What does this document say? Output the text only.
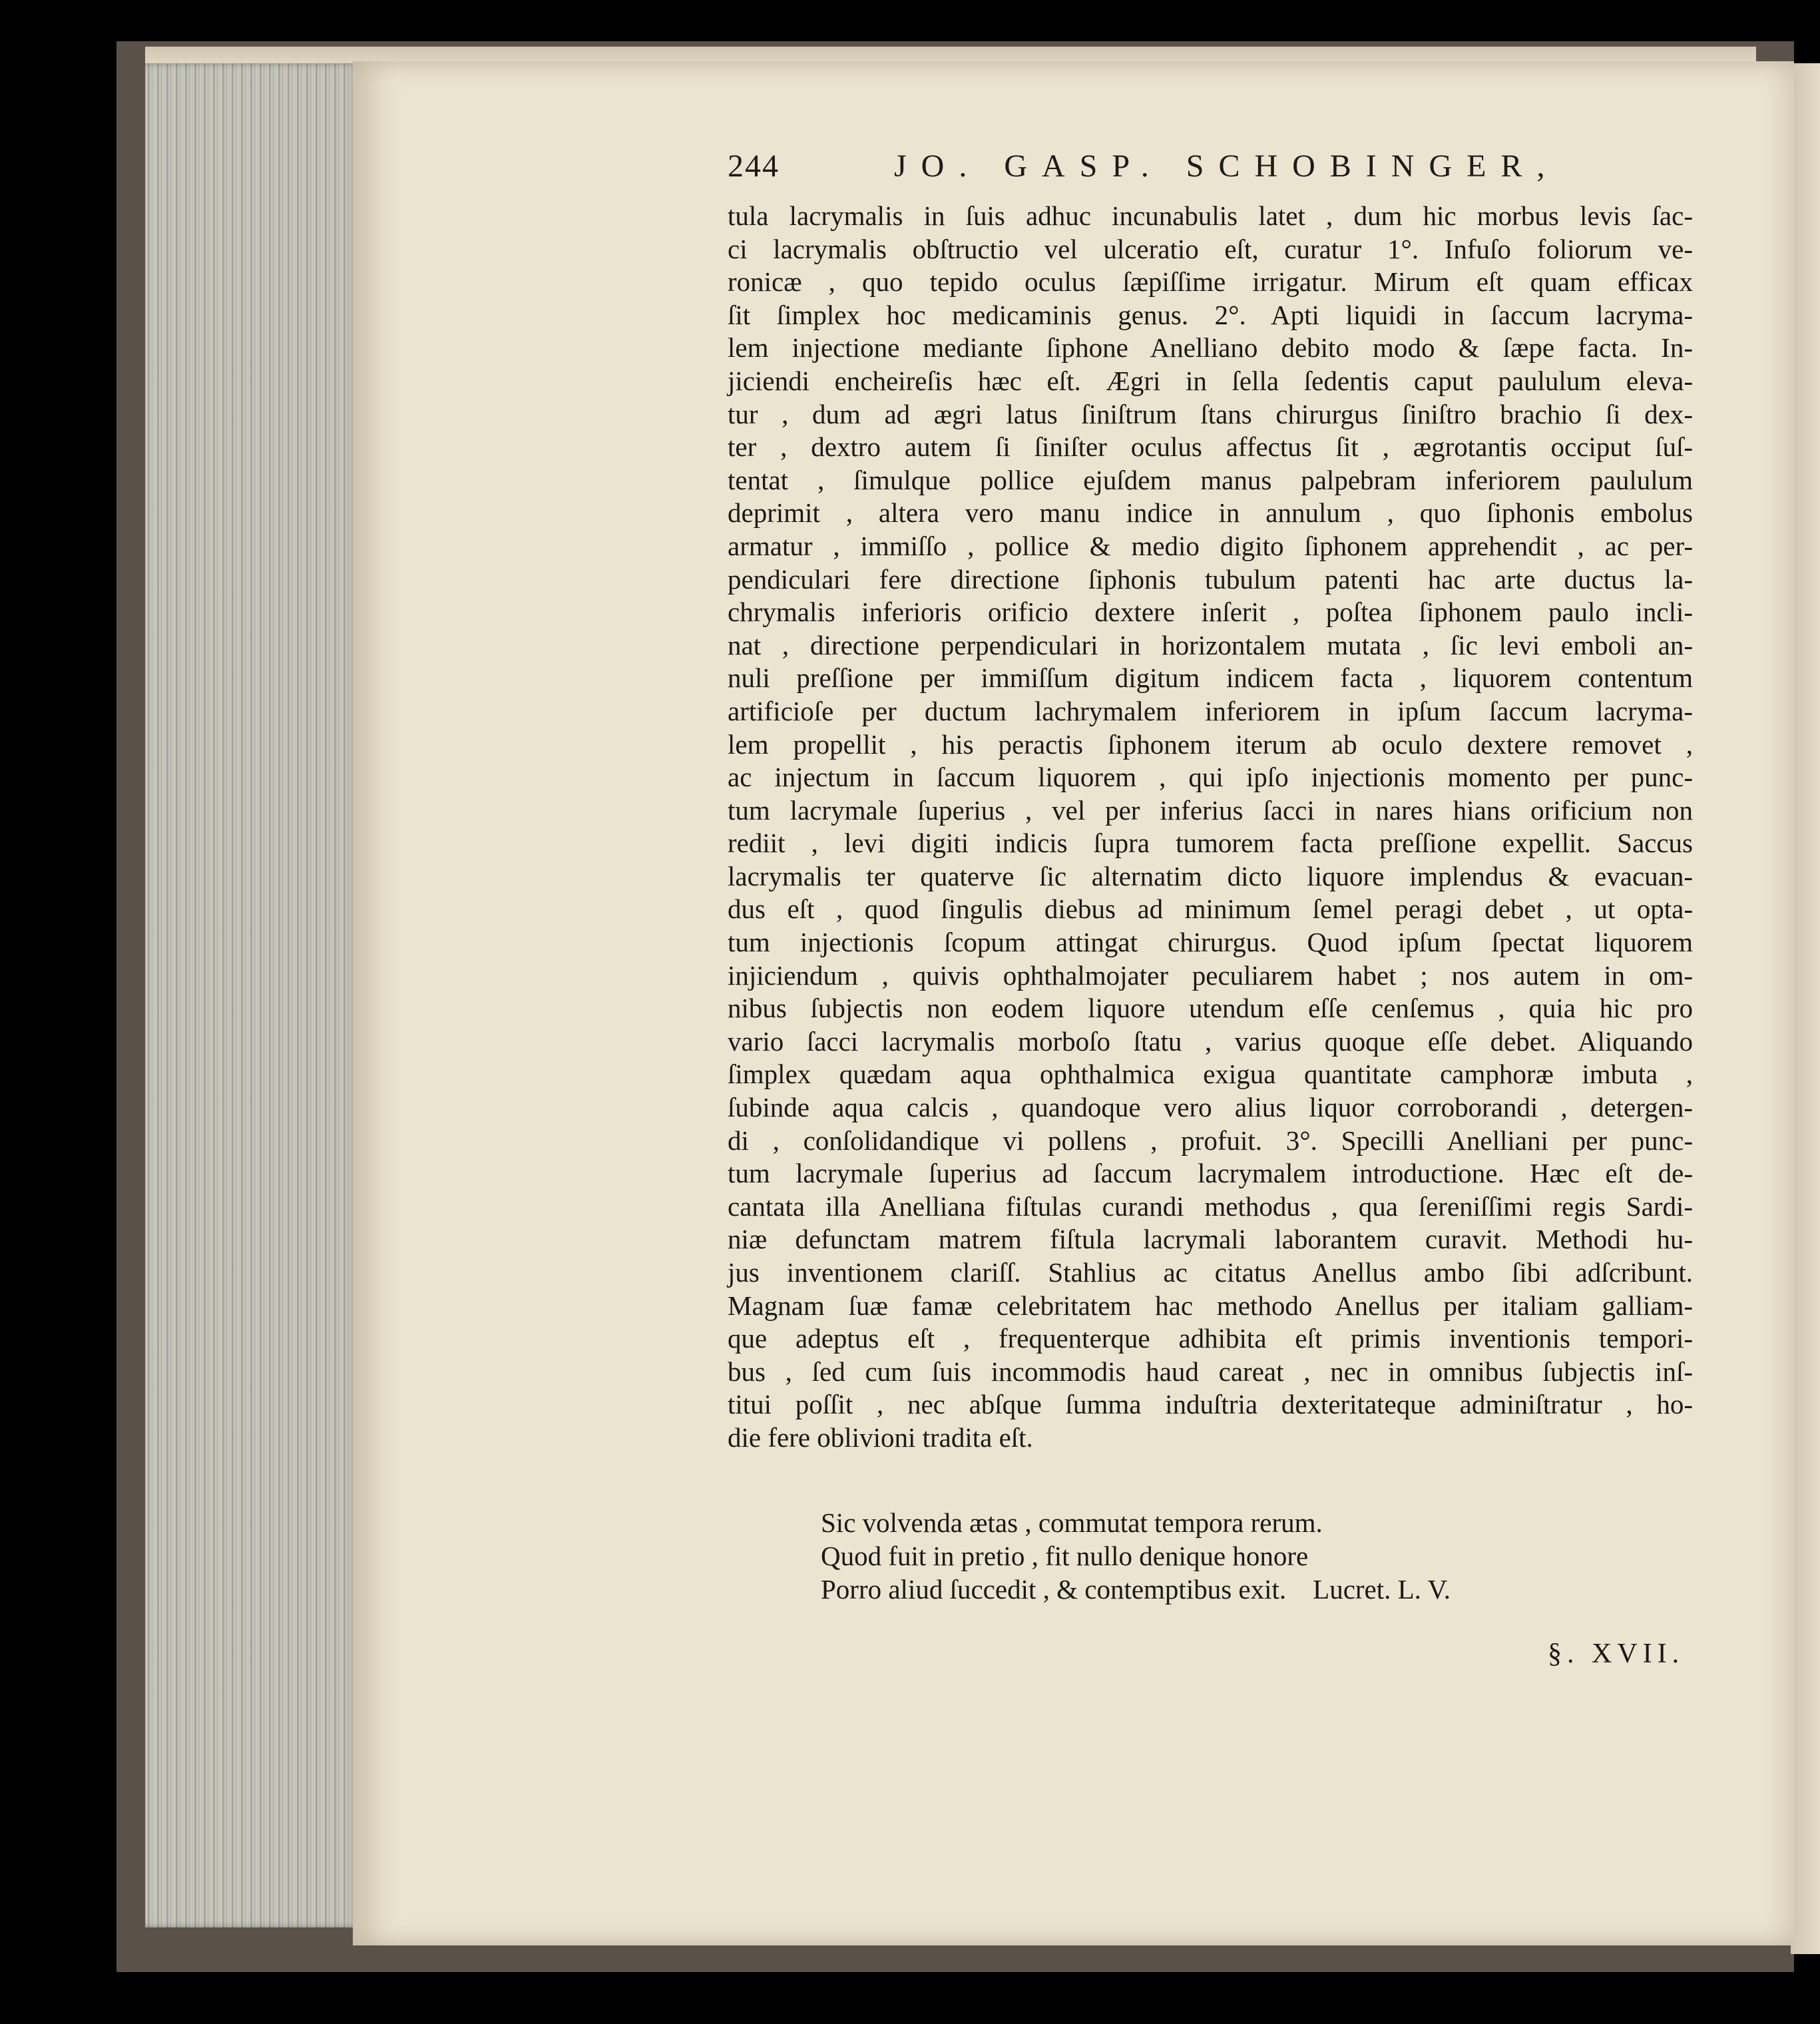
244	JO. GASP. SCHOBINGER,
tula lacrymalis in ſuis adhuc incunabulis latet , dum hic morbus levis ſac-
ci lacrymalis obſtructio vel ulceratio eſt, curatur 1°. Infuſo foliorum ve-
ronicæ , quo tepido oculus ſæpiſſime irrigatur. Mirum eſt quam efficax
ſit ſimplex hoc medicaminis genus. 2°. Apti liquidi in ſaccum lacryma-
lem injectione mediante ſiphone Anelliano debito modo & ſæpe facta. In-
jiciendi encheireſis hæc eſt. Ægri in ſella ſedentis caput paululum eleva-
tur , dum ad ægri latus ſiniſtrum ſtans chirurgus ſiniſtro brachio ſi dex-
ter , dextro autem ſi ſiniſter oculus affectus ſit , ægrotantis occiput ſuſ-
tentat , ſimulque pollice ejuſdem manus palpebram inferiorem paululum
deprimit , altera vero manu indice in annulum , quo ſiphonis embolus
armatur , immiſſo , pollice & medio digito ſiphonem apprehendit , ac per-
pendiculari fere directione ſiphonis tubulum patenti hac arte ductus la-
chrymalis inferioris orificio dextere inſerit , poſtea ſiphonem paulo incli-
nat , directione perpendiculari in horizontalem mutata , ſic levi emboli an-
nuli preſſione per immiſſum digitum indicem facta , liquorem contentum
artificioſe per ductum lachrymalem inferiorem in ipſum ſaccum lacryma-
lem propellit , his peractis ſiphonem iterum ab oculo dextere removet ,
ac injectum in ſaccum liquorem , qui ipſo injectionis momento per punc-
tum lacrymale ſuperius , vel per inferius ſacci in nares hians orificium non
rediit , levi digiti indicis ſupra tumorem facta preſſione expellit. Saccus
lacrymalis ter quaterve ſic alternatim dicto liquore implendus & evacuan-
dus eſt , quod ſingulis diebus ad minimum ſemel peragi debet , ut opta-
tum injectionis ſcopum attingat chirurgus. Quod ipſum ſpectat liquorem
injiciendum , quivis ophthalmojater peculiarem habet ; nos autem in om-
nibus ſubjectis non eodem liquore utendum eſſe cenſemus , quia hic pro
vario ſacci lacrymalis morboſo ſtatu , varius quoque eſſe debet. Aliquando
ſimplex quædam aqua ophthalmica exigua quantitate camphoræ imbuta ,
ſubinde aqua calcis , quandoque vero alius liquor corroborandi , detergen-
di , conſolidandique vi pollens , profuit. 3°. Specilli Anelliani per punc-
tum lacrymale ſuperius ad ſaccum lacrymalem introductione. Hæc eſt de-
cantata illa Anelliana fiſtulas curandi methodus , qua ſereniſſimi regis Sardi-
niæ defunctam matrem fiſtula lacrymali laborantem curavit. Methodi hu-
jus inventionem clariſſ. Stahlius ac citatus Anellus ambo ſibi adſcribunt.
Magnam ſuæ famæ celebritatem hac methodo Anellus per italiam galliam-
que adeptus eſt , frequenterque adhibita eſt primis inventionis tempori-
bus , ſed cum ſuis incommodis haud careat , nec in omnibus ſubjectis inſ-
titui poſſit , nec abſque ſumma induſtria dexteritateque adminiſtratur , ho-
die fere oblivioni tradita eſt.
Sic volvenda ætas , commutat tempora rerum.
Quod fuit in pretio , fit nullo denique honore
Porro aliud ſuccedit , & contemptibus exit. Lucret. L. V.
§. XVII.
